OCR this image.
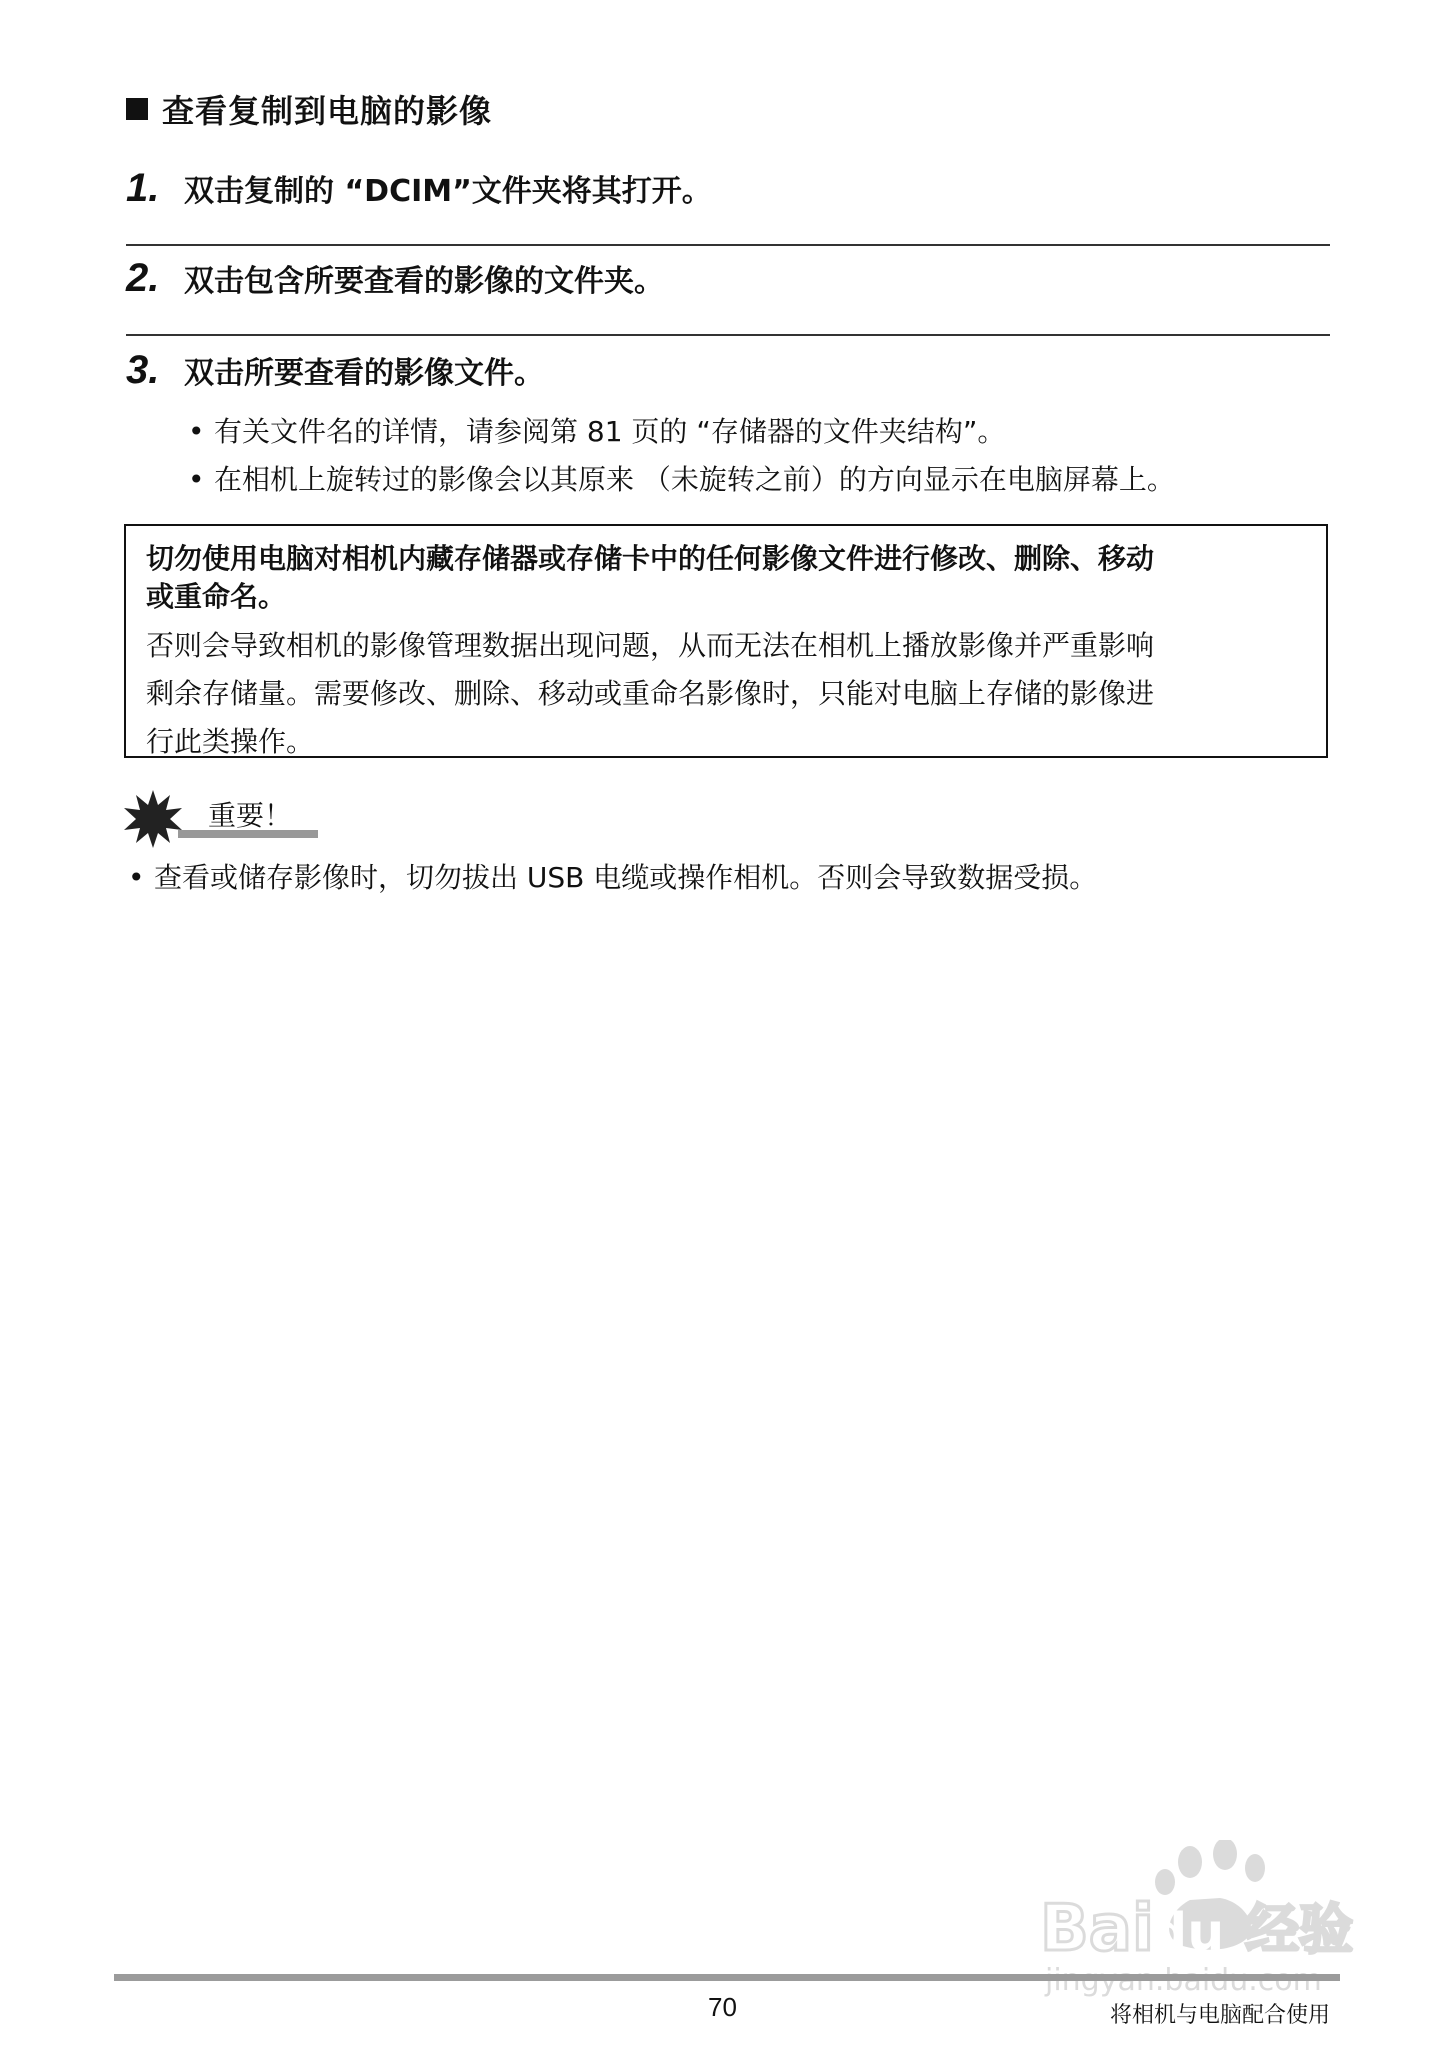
查看复制到电脑的影像
1. 双击复制的 “DCIM”文件夹将其打开。
2. 双击包含所要查看的影像的文件夹。
3. 双击所要查看的影像文件。
• 有关文件名的详情，请参阅第 81 页的 “存储器的文件夹结构”。
• 在相机上旋转过的影像会以其原来 （未旋转之前）的方向显示在电脑屏幕上。
切勿使用电脑对相机内藏存储器或存储卡中的任何影像文件进行修改、删除、移动
或重命名。
否则会导致相机的影像管理数据出现问题，从而无法在相机上播放影像并严重影响
剩余存储量。需要修改、删除、移动或重命名影像时，只能对电脑上存储的影像进
行此类操作。
重要！
• 查看或储存影像时，切勿拔出 USB 电缆或操作相机。否则会导致数据受损。
Bai
du 经验
70	将相机与电脑配合使用
